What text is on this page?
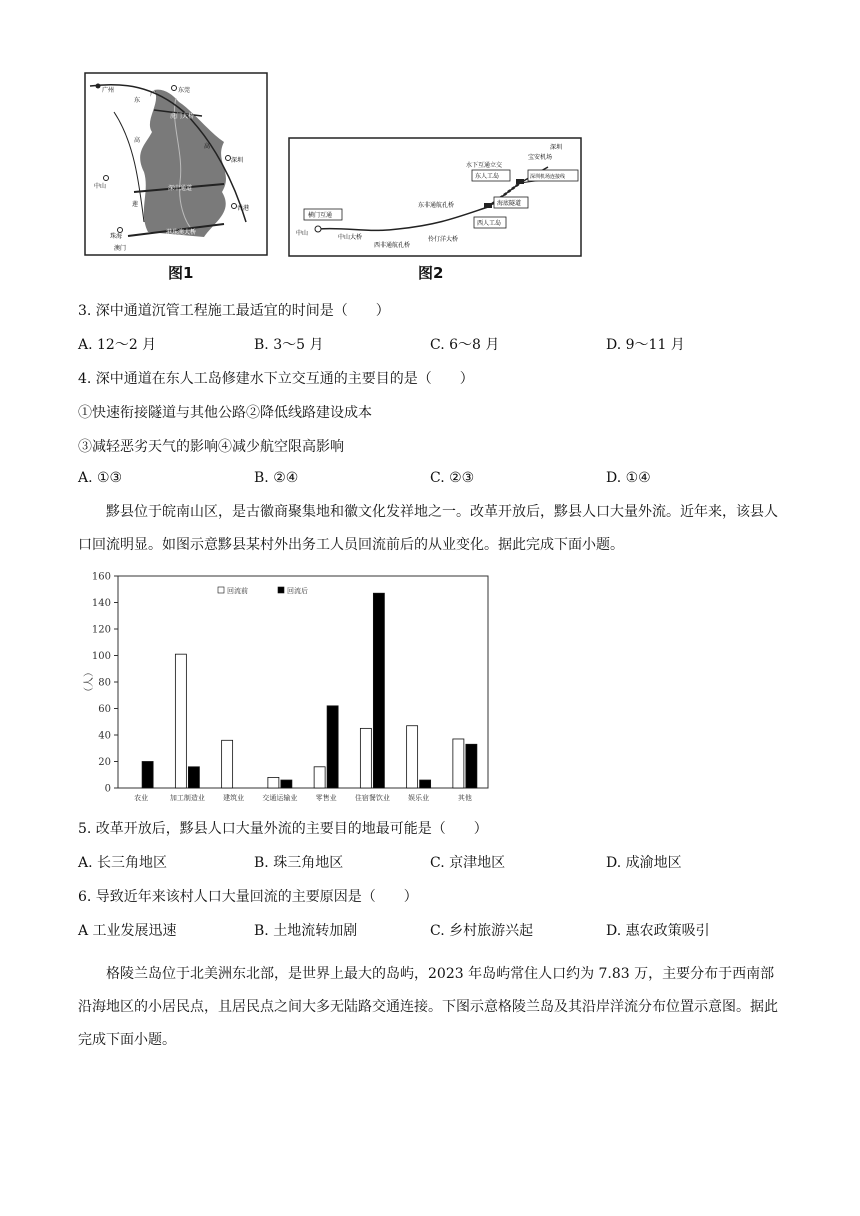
广州	东莞
虎门大桥
深圳
中山	深中通道
珠海
澳门
香港
港珠澳大桥
东
高
莲
高
广
图1
深圳
宝安机场
水下互通立交
东人工岛	深圳机场连接线
海底隧道
西人工岛
东非通航孔桥
横门互通
中山
中山大桥
西非通航孔桥
伶仃洋大桥
图2
3. 深中通道沉管工程施工最适宜的时间是（　　）
A. 12～2 月	B. 3～5 月	C. 6～8 月	D. 9～11 月
4. 深中通道在东人工岛修建水下立交互通的主要目的是（　　）
①快速衔接隧道与其他公路②降低线路建设成本
③减轻恶劣天气的影响④减少航空限高影响
A. ①③	B. ②④	C. ②③	D. ①④
黟县位于皖南山区，是古徽商聚集地和徽文化发祥地之一。改革开放后，黟县人口大量外流。近年来，该县人口回流明显。如图示意黟县某村外出务工人员回流前后的从业变化。据此完成下面小题。
0
20
40
60
80
100
120
140
160
（人）
农业	加工制造业	建筑业	交通运输业	零售业	住宿餐饮业	娱乐业	其他
回流前	回流后
5. 改革开放后，黟县人口大量外流的主要目的地最可能是（　　）
A. 长三角地区	B. 珠三角地区	C. 京津地区	D. 成渝地区
6. 导致近年来该村人口大量回流的主要原因是（　　）
A 工业发展迅速	B. 土地流转加剧	C. 乡村旅游兴起	D. 惠农政策吸引
格陵兰岛位于北美洲东北部，是世界上最大的岛屿，2023 年岛屿常住人口约为 7.83 万，主要分布于西南部沿海地区的小居民点，且居民点之间大多无陆路交通连接。下图示意格陵兰岛及其沿岸洋流分布位置示意图。据此完成下面小题。
